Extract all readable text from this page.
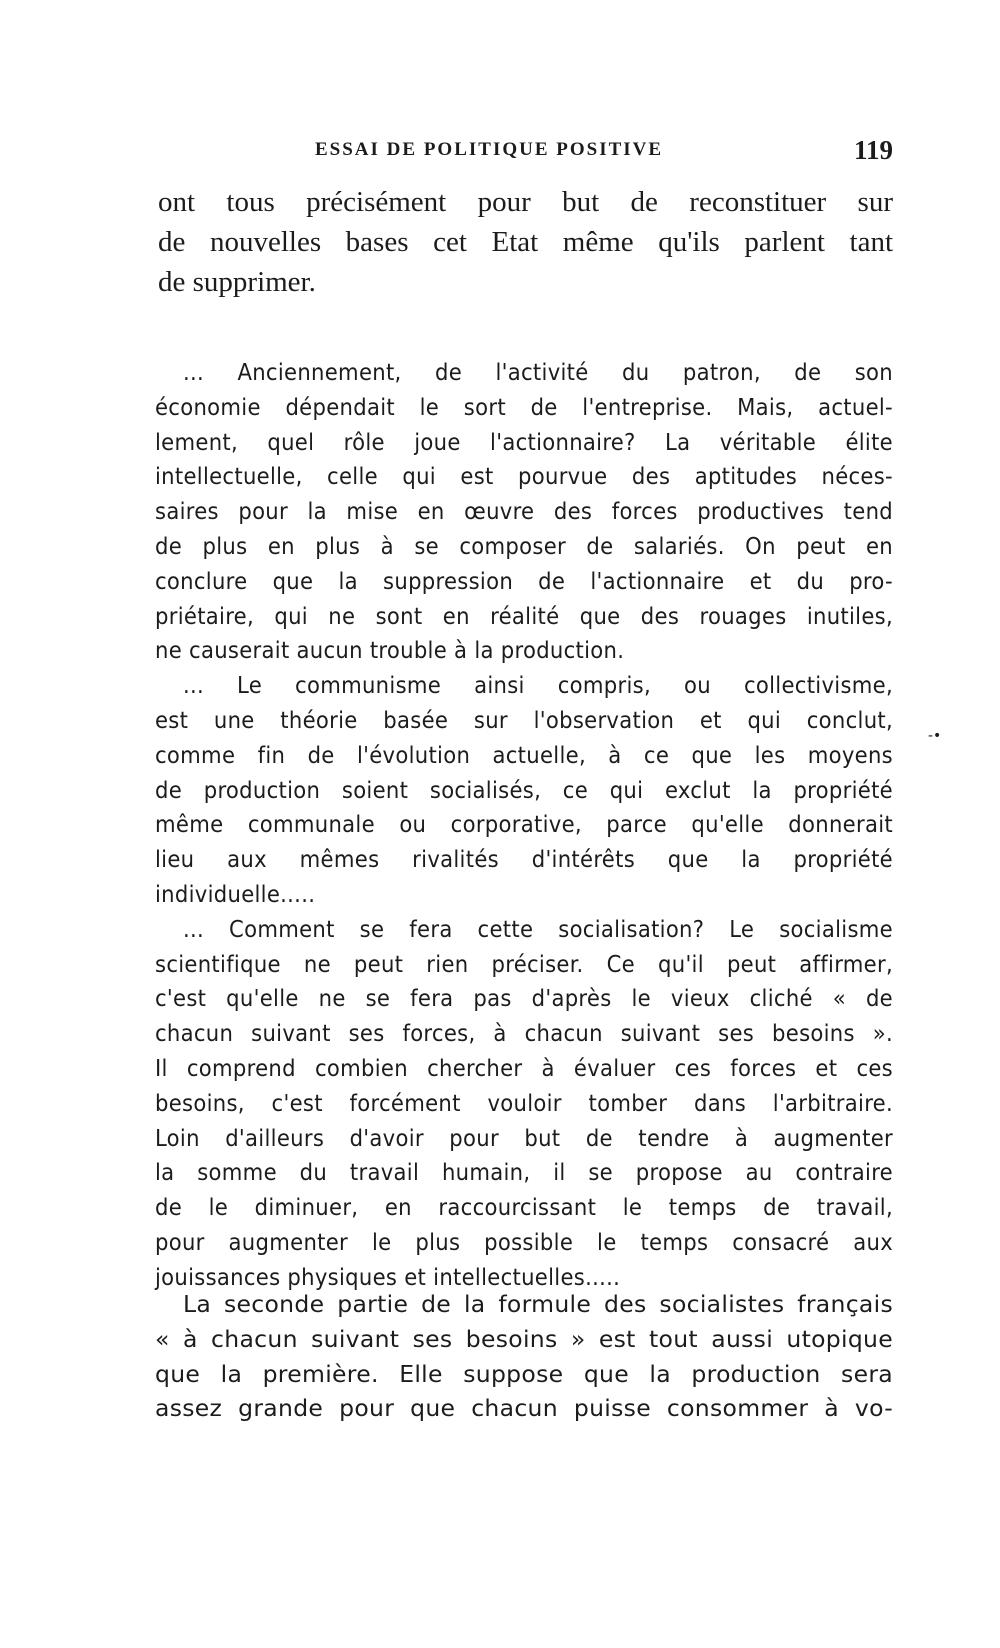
ESSAI DE POLITIQUE POSITIVE	119
ont tous précisément pour but de reconstituer sur
de nouvelles bases cet Etat même qu'ils parlent tant
de supprimer.
... Anciennement, de l'activité du patron, de son
économie dépendait le sort de l'entreprise. Mais, actuel-
lement, quel rôle joue l'actionnaire? La véritable élite
intellectuelle, celle qui est pourvue des aptitudes néces-
saires pour la mise en œuvre des forces productives tend
de plus en plus à se composer de salariés. On peut en
conclure que la suppression de l'actionnaire et du pro-
priétaire, qui ne sont en réalité que des rouages inutiles,
ne causerait aucun trouble à la production.
... Le communisme ainsi compris, ou collectivisme,
est une théorie basée sur l'observation et qui conclut,
comme fin de l'évolution actuelle, à ce que les moyens
de production soient socialisés, ce qui exclut la propriété
même communale ou corporative, parce qu'elle donnerait
lieu aux mêmes rivalités d'intérêts que la propriété
individuelle.....
... Comment se fera cette socialisation? Le socialisme
scientifique ne peut rien préciser. Ce qu'il peut affirmer,
c'est qu'elle ne se fera pas d'après le vieux cliché « de
chacun suivant ses forces, à chacun suivant ses besoins ».
Il comprend combien chercher à évaluer ces forces et ces
besoins, c'est forcément vouloir tomber dans l'arbitraire.
Loin d'ailleurs d'avoir pour but de tendre à augmenter
la somme du travail humain, il se propose au contraire
de le diminuer, en raccourcissant le temps de travail,
pour augmenter le plus possible le temps consacré aux
jouissances physiques et intellectuelles.....
La seconde partie de la formule des socialistes français
« à chacun suivant ses besoins » est tout aussi utopique
que la première. Elle suppose que la production sera
assez grande pour que chacun puisse consommer à vo-
-•
